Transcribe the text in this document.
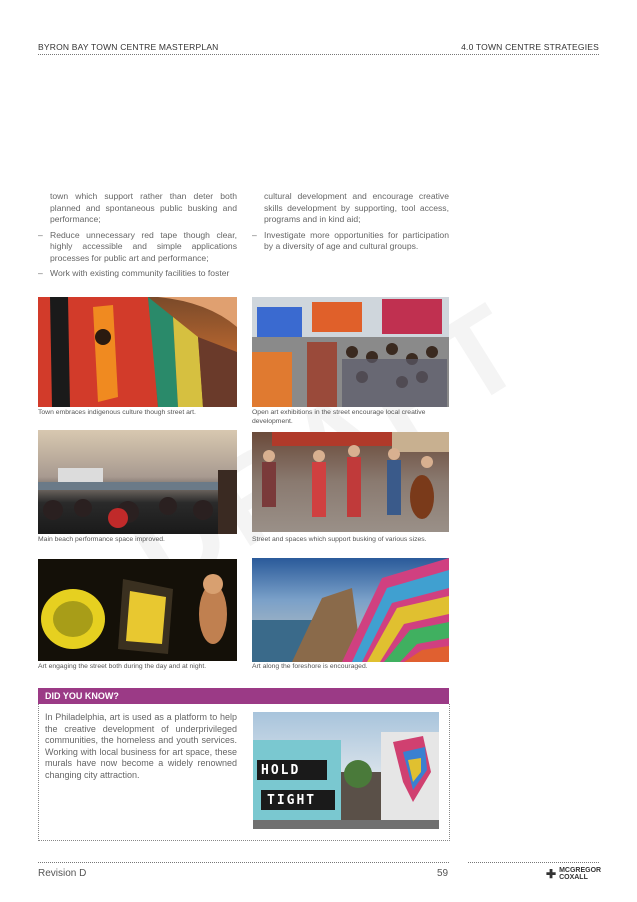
BYRON BAY TOWN CENTRE MASTERPLAN	4.0 TOWN CENTRE STRATEGIES

town which support rather than deter both planned and spontaneous public busking and performance;

– Reduce unnecessary red tape though clear, highly accessible and simple applications processes for public art and performance;

– Work with existing community facilities to foster

cultural development and encourage creative skills development by supporting, tool access, programs and in kind aid;

– Investigate more opportunities for participation by a diversity of age and cultural groups.

Town embraces indigenous culture though street art.	Open art exhibitions in the street encourage local creative development.
Main beach performance space improved.	Street and spaces which support busking of various sizes.
Art engaging the street both during the day and at night.	Art along the foreshore is encouraged.
DID YOU KNOW?
In Philadelphia, art is used as a platform to help the creative development of underprivileged communities, the homeless and youth services. Working with local business for art space, these murals have now become a widely renowned changing city attraction.	HOLD
TIGHT
Revision D	59	✚ MCGREGOR
COXALL
